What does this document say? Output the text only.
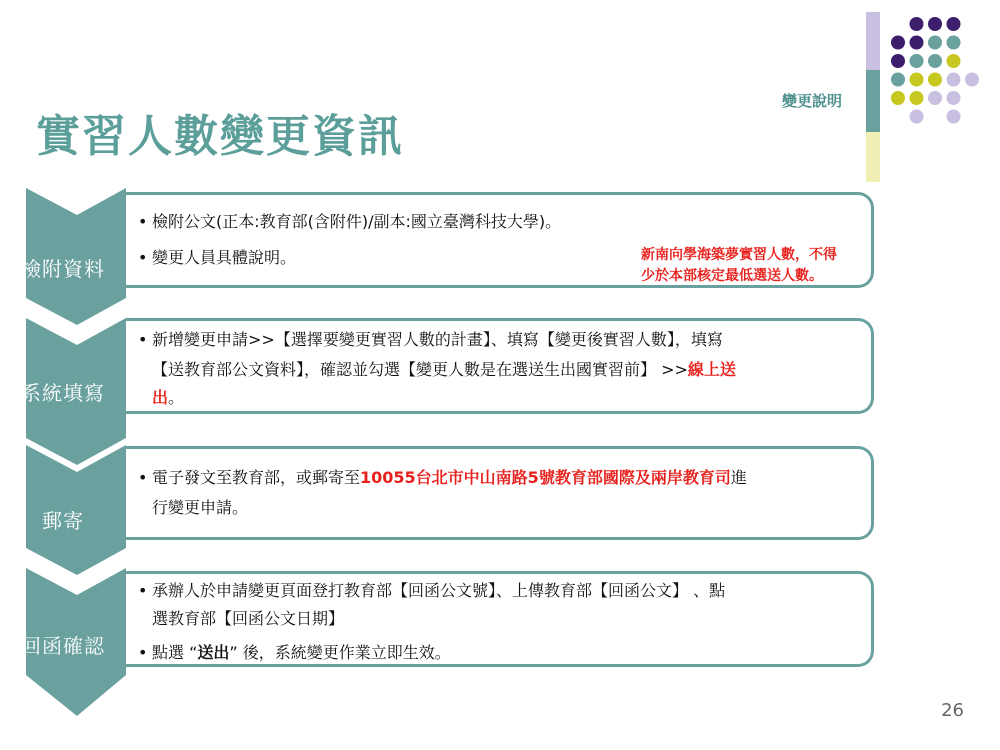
實習人數變更資訊
變更說明
檢附資料
• 檢附公文(正本:教育部(含附件)/副本:國立臺灣科技大學)。
• 變更人員具體說明。	新南向學海築夢實習人數，不得
少於本部核定最低選送人數。
系統填寫
• 新增變更申請>>【選擇要變更實習人數的計畫】、填寫【變更後實習人數】，填寫
【送教育部公文資料】，確認並勾選【變更人數是在選送生出國實習前】 >>線上送
出。
郵寄
• 電子發文至教育部，或郵寄至10055台北市中山南路5號教育部國際及兩岸教育司進
行變更申請。
回函確認
• 承辦人於申請變更頁面登打教育部【回函公文號】、上傳教育部【回函公文】 、點
選教育部【回函公文日期】
• 點選 “送出” 後，系統變更作業立即生效。
26
